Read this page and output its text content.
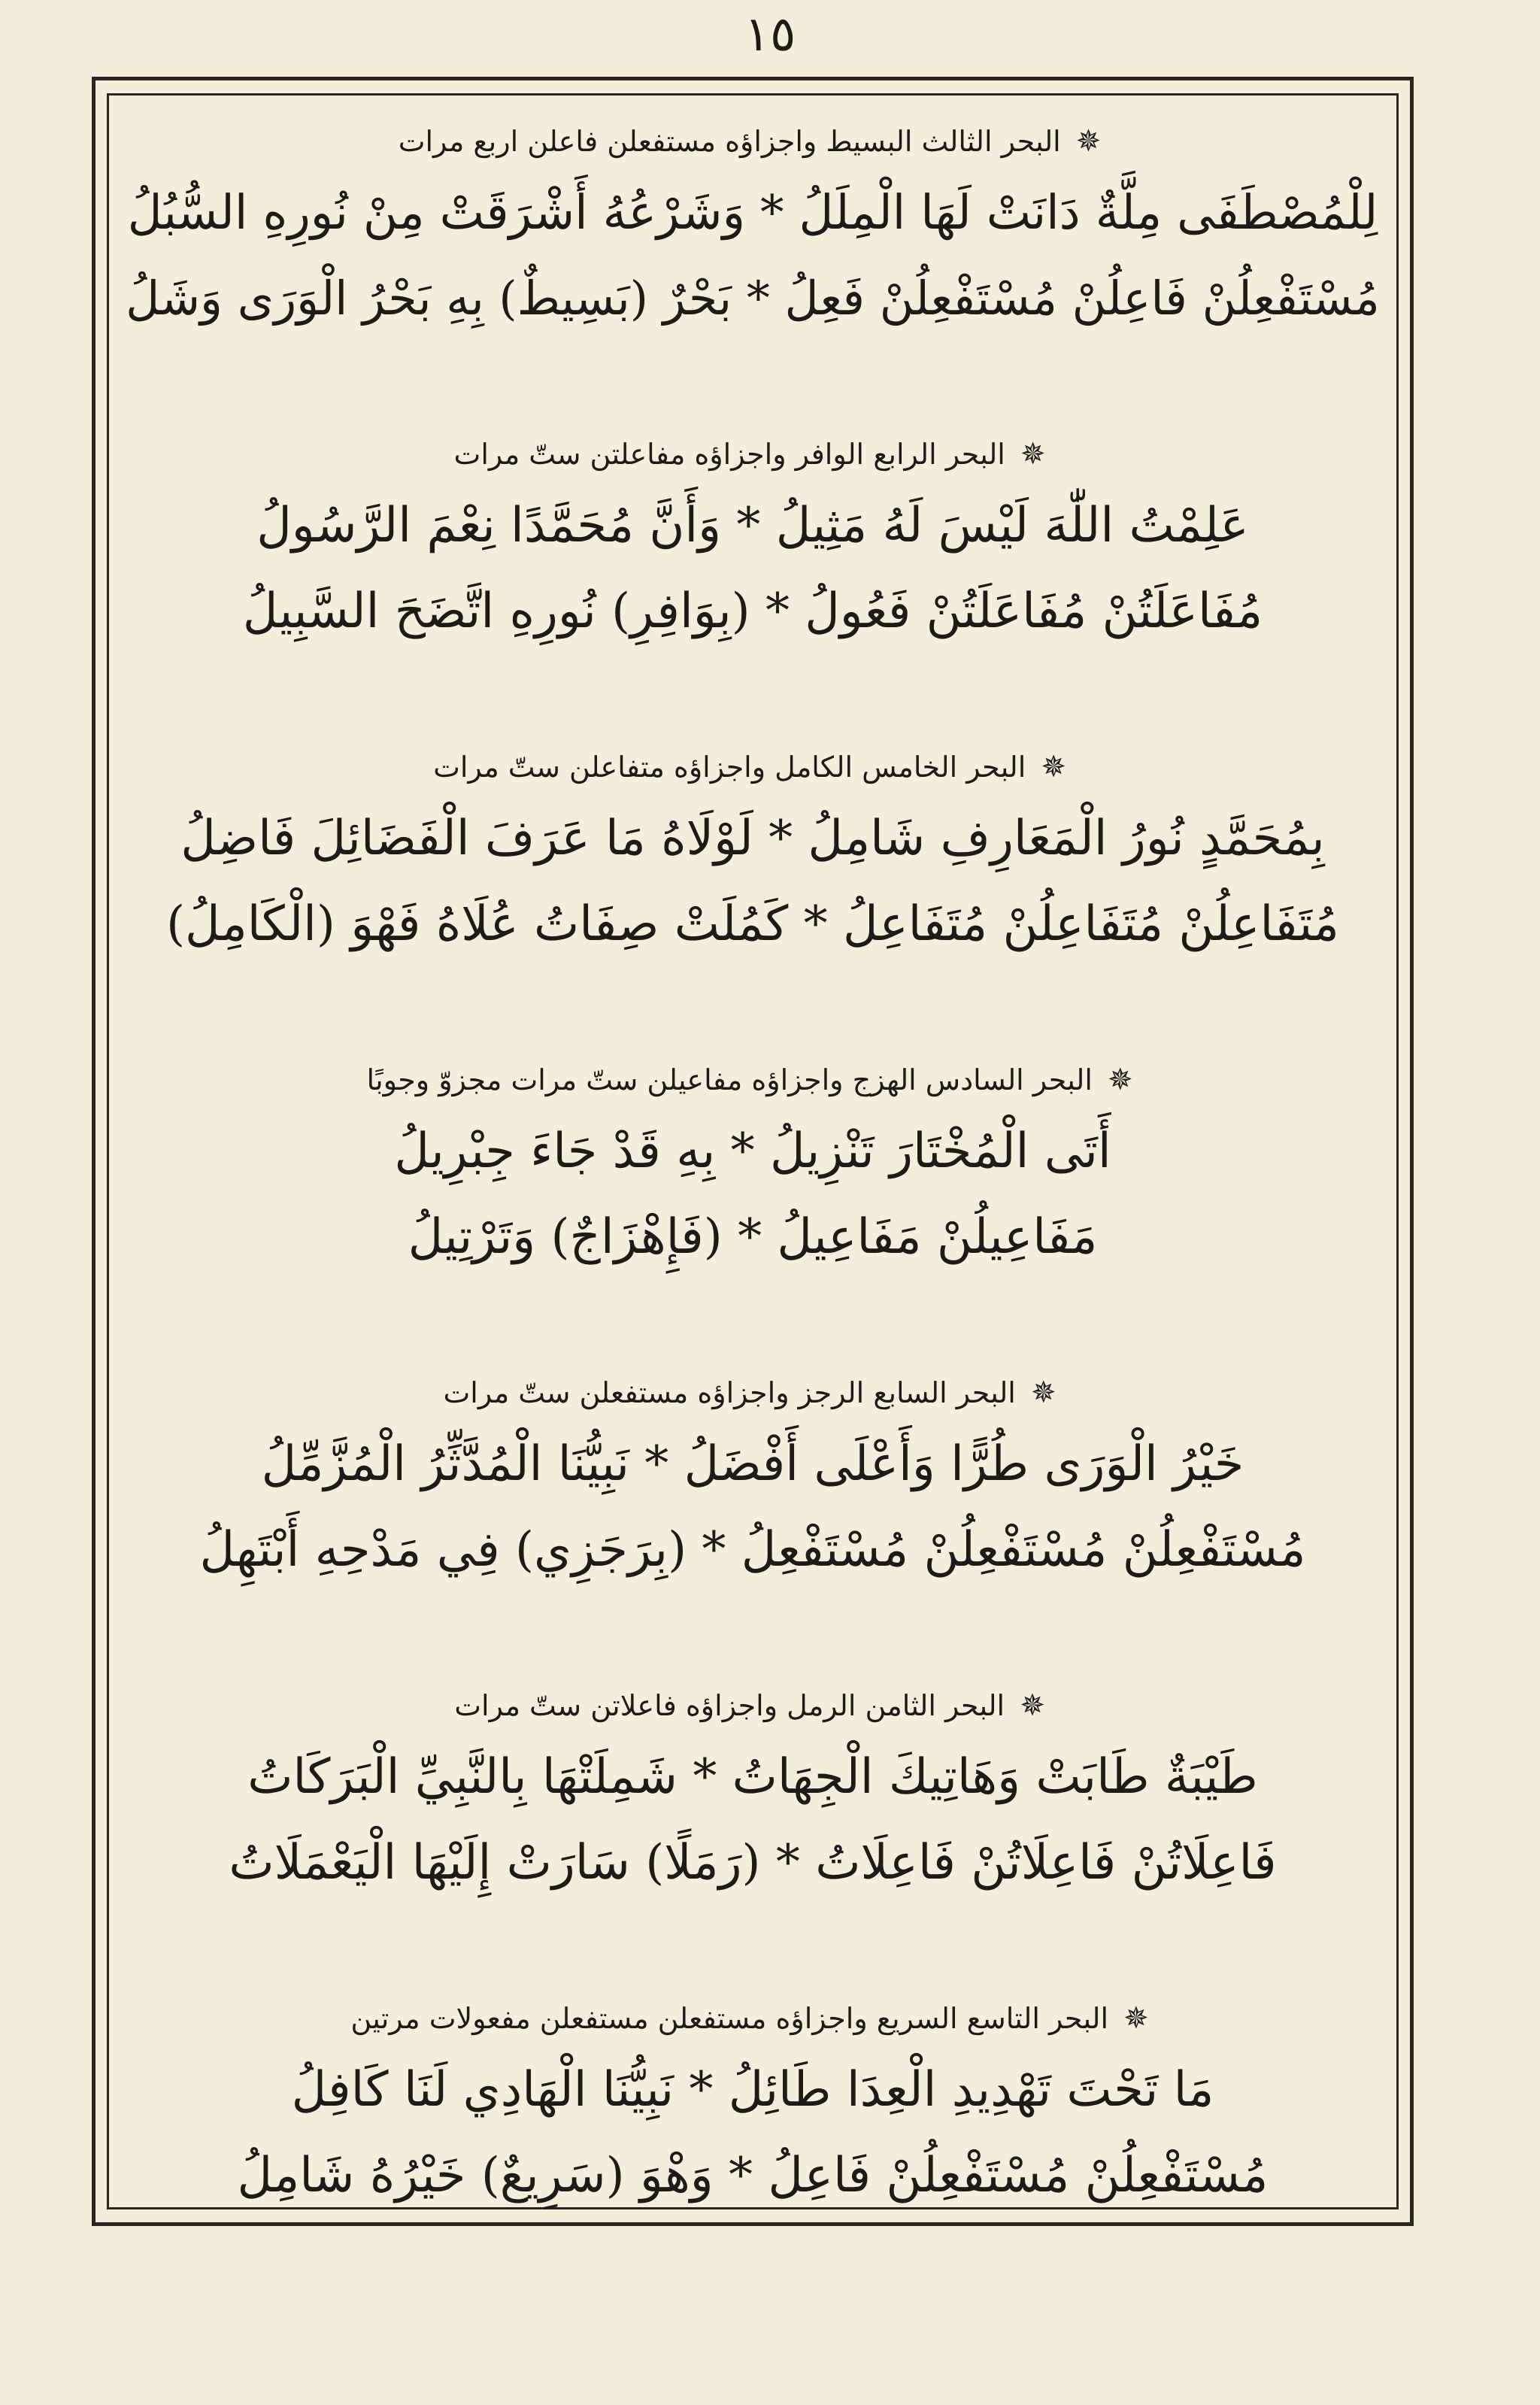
١٥
✵ البحر الثالث البسيط واجزاؤه مستفعلن فاعلن اربع مرات
لِلْمُصْطَفَى مِلَّةٌ دَانَتْ لَهَا الْمِلَلُ * وَشَرْعُهُ أَشْرَقَتْ مِنْ نُورِهِ السُّبُلُ
مُسْتَفْعِلُنْ فَاعِلُنْ مُسْتَفْعِلُنْ فَعِلُ * بَحْرٌ (بَسِيطٌ) بِهِ بَحْرُ الْوَرَى وَشَلُ
✵ البحر الرابع الوافر واجزاؤه مفاعلتن ستّ مرات
عَلِمْتُ اللّٰهَ لَيْسَ لَهُ مَثِيلُ * وَأَنَّ مُحَمَّدًا نِعْمَ الرَّسُولُ
مُفَاعَلَتُنْ مُفَاعَلَتُنْ فَعُولُ * (بِوَافِرِ) نُورِهِ اتَّضَحَ السَّبِيلُ
✵ البحر الخامس الكامل واجزاؤه متفاعلن ستّ مرات
بِمُحَمَّدٍ نُورُ الْمَعَارِفِ شَامِلُ * لَوْلَاهُ مَا عَرَفَ الْفَضَائِلَ فَاضِلُ
مُتَفَاعِلُنْ مُتَفَاعِلُنْ مُتَفَاعِلُ * كَمُلَتْ صِفَاتُ عُلَاهُ فَهْوَ (الْكَامِلُ)
✵ البحر السادس الهزج واجزاؤه مفاعيلن ستّ مرات مجزوّ وجوبًا
أَتَى الْمُخْتَارَ تَنْزِيلُ * بِهِ قَدْ جَاءَ جِبْرِيلُ
مَفَاعِيلُنْ مَفَاعِيلُ * (فَإِهْزَاجٌ) وَتَرْتِيلُ
✵ البحر السابع الرجز واجزاؤه مستفعلن ستّ مرات
خَيْرُ الْوَرَى طُرًّا وَأَعْلَى أَفْضَلُ * نَبِيُّنَا الْمُدَّثِّرُ الْمُزَّمِّلُ
مُسْتَفْعِلُنْ مُسْتَفْعِلُنْ مُسْتَفْعِلُ * (بِرَجَزِي) فِي مَدْحِهِ أَبْتَهِلُ
✵ البحر الثامن الرمل واجزاؤه فاعلاتن ستّ مرات
طَيْبَةٌ طَابَتْ وَهَاتِيكَ الْجِهَاتُ * شَمِلَتْهَا بِالنَّبِيِّ الْبَرَكَاتُ
فَاعِلَاتُنْ فَاعِلَاتُنْ فَاعِلَاتُ * (رَمَلًا) سَارَتْ إِلَيْهَا الْيَعْمَلَاتُ
✵ البحر التاسع السريع واجزاؤه مستفعلن مستفعلن مفعولات مرتين
مَا تَحْتَ تَهْدِيدِ الْعِدَا طَائِلُ * نَبِيُّنَا الْهَادِي لَنَا كَافِلُ
مُسْتَفْعِلُنْ مُسْتَفْعِلُنْ فَاعِلُ * وَهْوَ (سَرِيعٌ) خَيْرُهُ شَامِلُ
